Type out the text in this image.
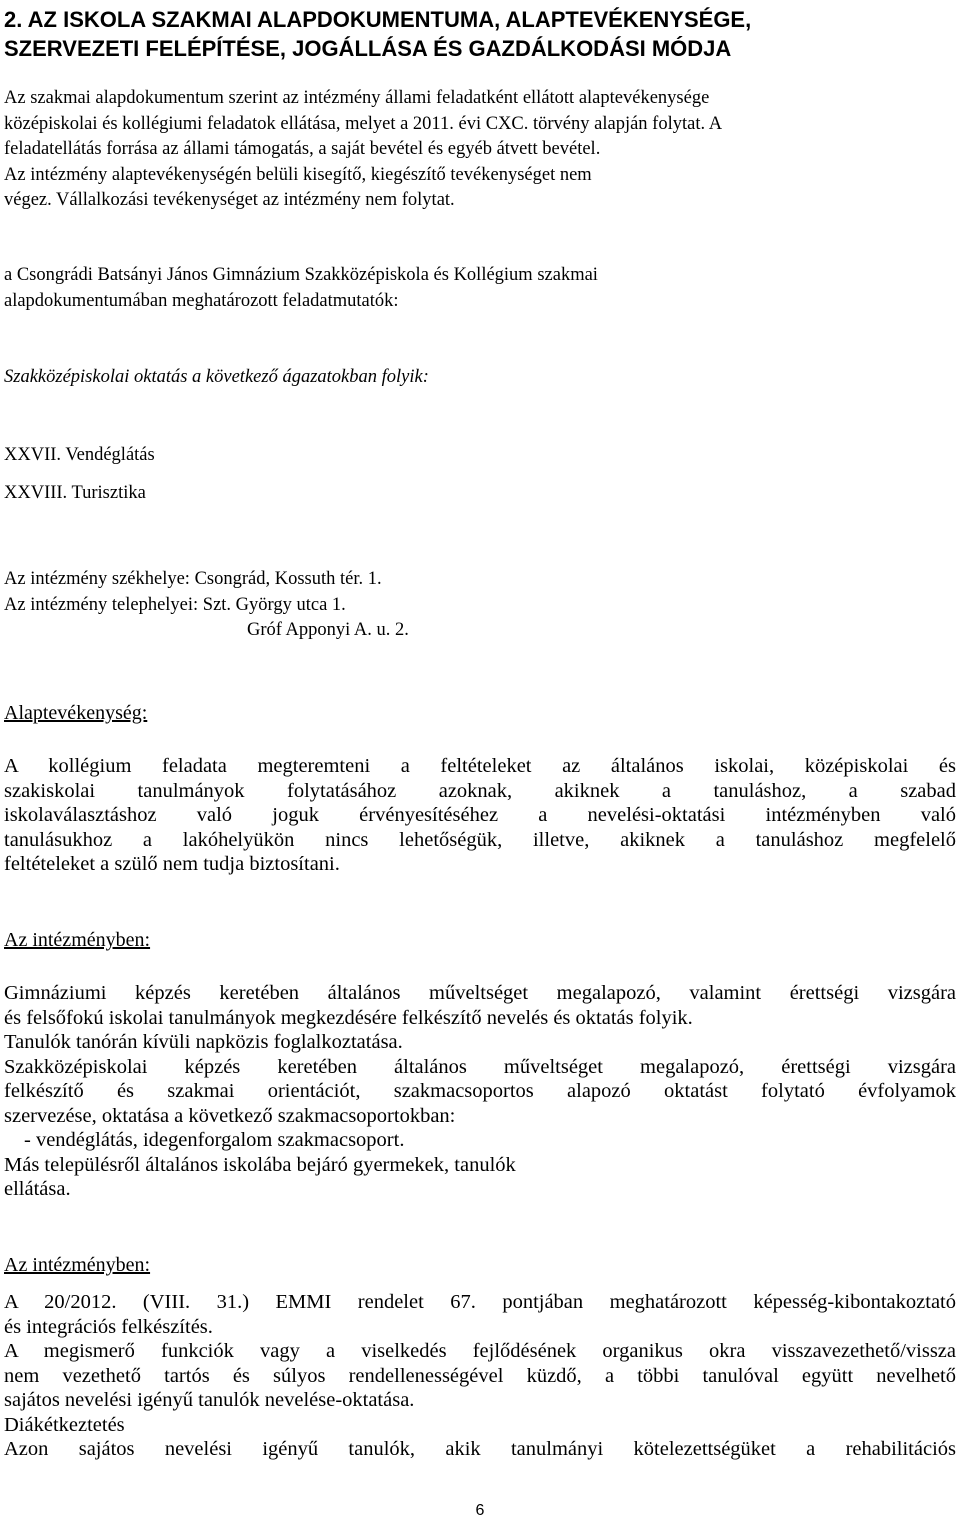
2. AZ ISKOLA SZAKMAI ALAPDOKUMENTUMA, ALAPTEVÉKENYSÉGE,
SZERVEZETI FELÉPÍTÉSE, JOGÁLLÁSA ÉS GAZDÁLKODÁSI MÓDJA
Az szakmai alapdokumentum szerint az intézmény állami feladatként ellátott alaptevékenysége
középiskolai és kollégiumi feladatok ellátása, melyet a 2011. évi CXC. törvény alapján folytat. A
feladatellátás forrása az állami támogatás, a saját bevétel és egyéb átvett bevétel.
Az intézmény alaptevékenységén belüli kisegítő, kiegészítő tevékenységet nem
végez. Vállalkozási tevékenységet az intézmény nem folytat.
a Csongrádi Batsányi János Gimnázium Szakközépiskola és Kollégium szakmai
alapdokumentumában meghatározott feladatmutatók:
Szakközépiskolai oktatás a következő ágazatokban folyik:
XXVII. Vendéglátás
XXVIII. Turisztika
Az intézmény székhelye: Csongrád, Kossuth tér. 1.
Az intézmény telephelyei: Szt. György utca 1.
Gróf Apponyi A. u. 2.
Alaptevékenység:
A kollégium feladata megteremteni a feltételeket az általános iskolai, középiskolai és
szakiskolai tanulmányok folytatásához azoknak, akiknek a tanuláshoz, a szabad
iskolaválasztáshoz való joguk érvényesítéséhez a nevelési-oktatási intézményben való
tanulásukhoz a lakóhelyükön nincs lehetőségük, illetve, akiknek a tanuláshoz megfelelő
feltételeket a szülő nem tudja biztosítani.
Az intézményben:
Gimnáziumi képzés keretében általános műveltséget megalapozó, valamint érettségi vizsgára
és felsőfokú iskolai tanulmányok megkezdésére felkészítő nevelés és oktatás folyik.
Tanulók tanórán kívüli napközis foglalkoztatása.
Szakközépiskolai képzés keretében általános műveltséget megalapozó, érettségi vizsgára
felkészítő és szakmai orientációt, szakmacsoportos alapozó oktatást folytató évfolyamok
szervezése, oktatása a következő szakmacsoportokban:
- vendéglátás, idegenforgalom szakmacsoport.
Más településről általános iskolába bejáró gyermekek, tanulók
ellátása.
Az intézményben:
A 20/2012. (VIII. 31.) EMMI rendelet 67. pontjában meghatározott képesség-kibontakoztató
és integrációs felkészítés.
A megismerő funkciók vagy a viselkedés fejlődésének organikus okra visszavezethető/vissza
nem vezethető tartós és súlyos rendellenességével küzdő, a többi tanulóval együtt nevelhető
sajátos nevelési igényű tanulók nevelése-oktatása.
Diákétkeztetés
Azon sajátos nevelési igényű tanulók, akik tanulmányi kötelezettségüket a rehabilitációs
6
